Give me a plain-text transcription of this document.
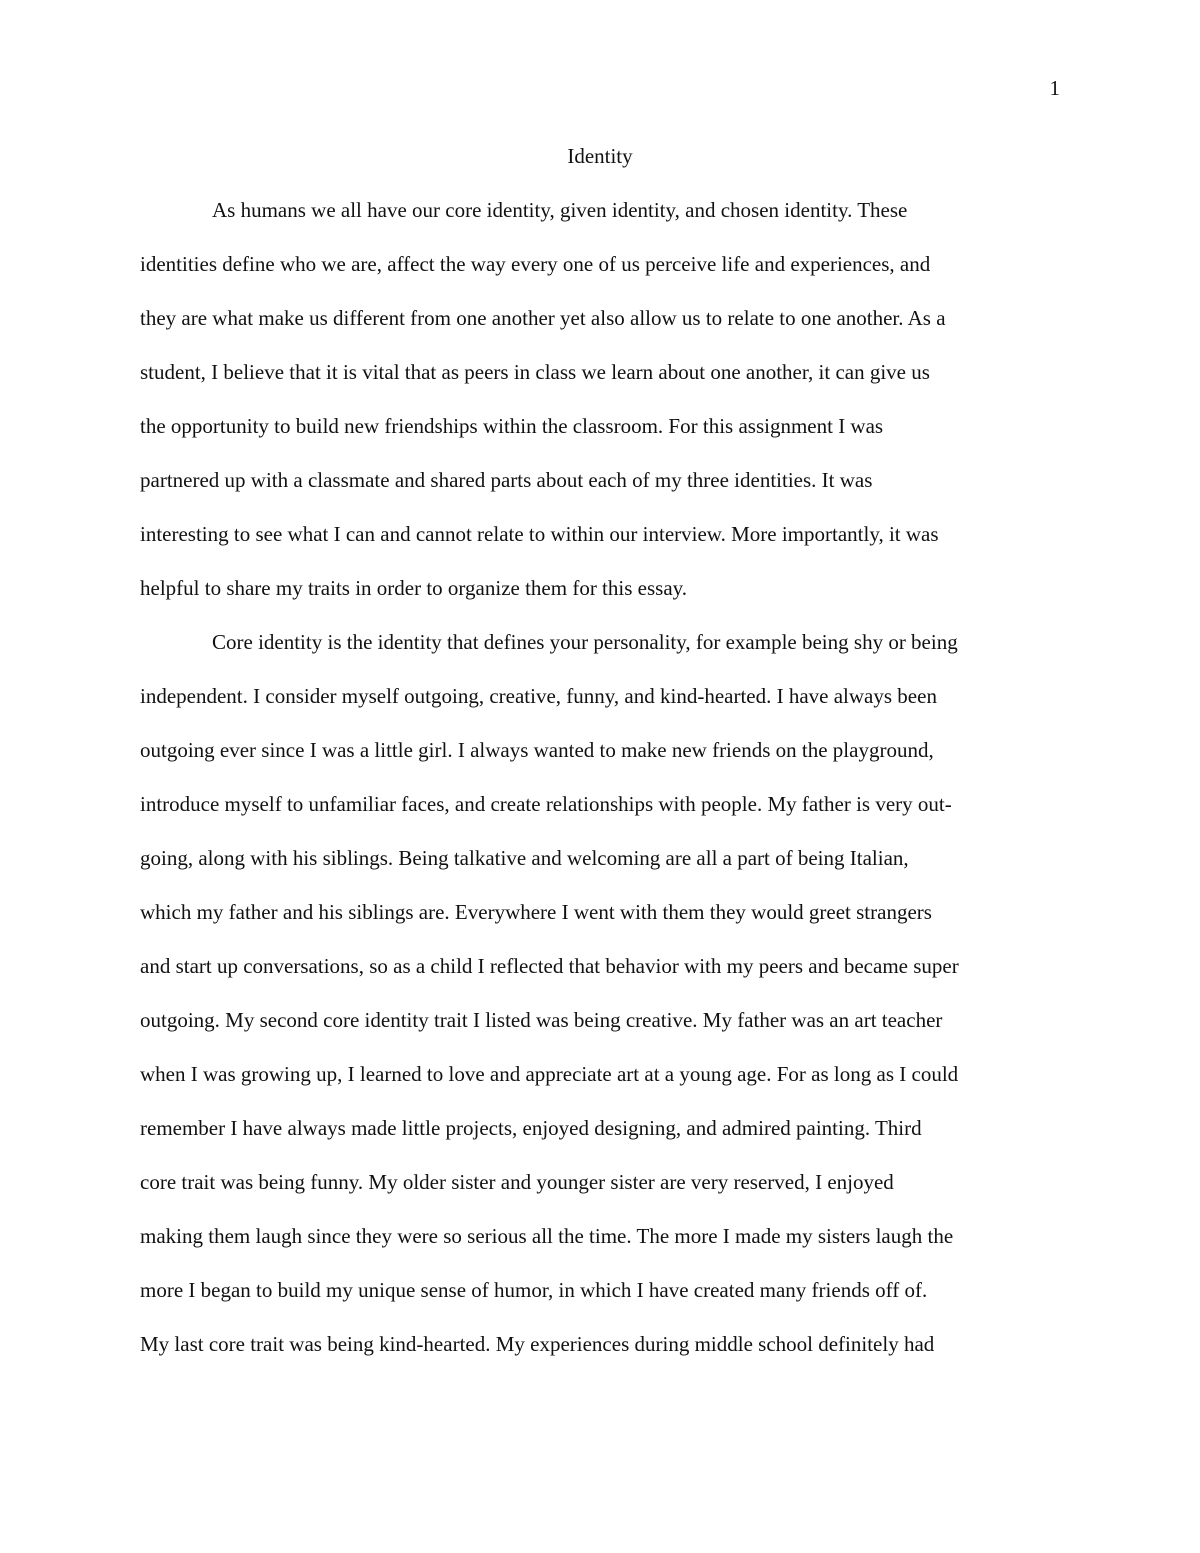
1
Identity
As humans we all have our core identity, given identity, and chosen identity. These
identities define who we are, affect the way every one of us perceive life and experiences, and
they are what make us different from one another yet also allow us to relate to one another. As a
student, I believe that it is vital that as peers in class we learn about one another, it can give us
the opportunity to build new friendships within the classroom. For this assignment I was
partnered up with a classmate and shared parts about each of my three identities. It was
interesting to see what I can and cannot relate to within our interview. More importantly, it was
helpful to share my traits in order to organize them for this essay.
Core identity is the identity that defines your personality, for example being shy or being
independent. I consider myself outgoing, creative, funny, and kind-hearted. I have always been
outgoing ever since I was a little girl. I always wanted to make new friends on the playground,
introduce myself to unfamiliar faces, and create relationships with people. My father is very out-
going, along with his siblings. Being talkative and welcoming are all a part of being Italian,
which my father and his siblings are. Everywhere I went with them they would greet strangers
and start up conversations, so as a child I reflected that behavior with my peers and became super
outgoing. My second core identity trait I listed was being creative. My father was an art teacher
when I was growing up, I learned to love and appreciate art at a young age. For as long as I could
remember I have always made little projects, enjoyed designing, and admired painting. Third
core trait was being funny. My older sister and younger sister are very reserved, I enjoyed
making them laugh since they were so serious all the time. The more I made my sisters laugh the
more I began to build my unique sense of humor, in which I have created many friends off of.
My last core trait was being kind-hearted. My experiences during middle school definitely had
